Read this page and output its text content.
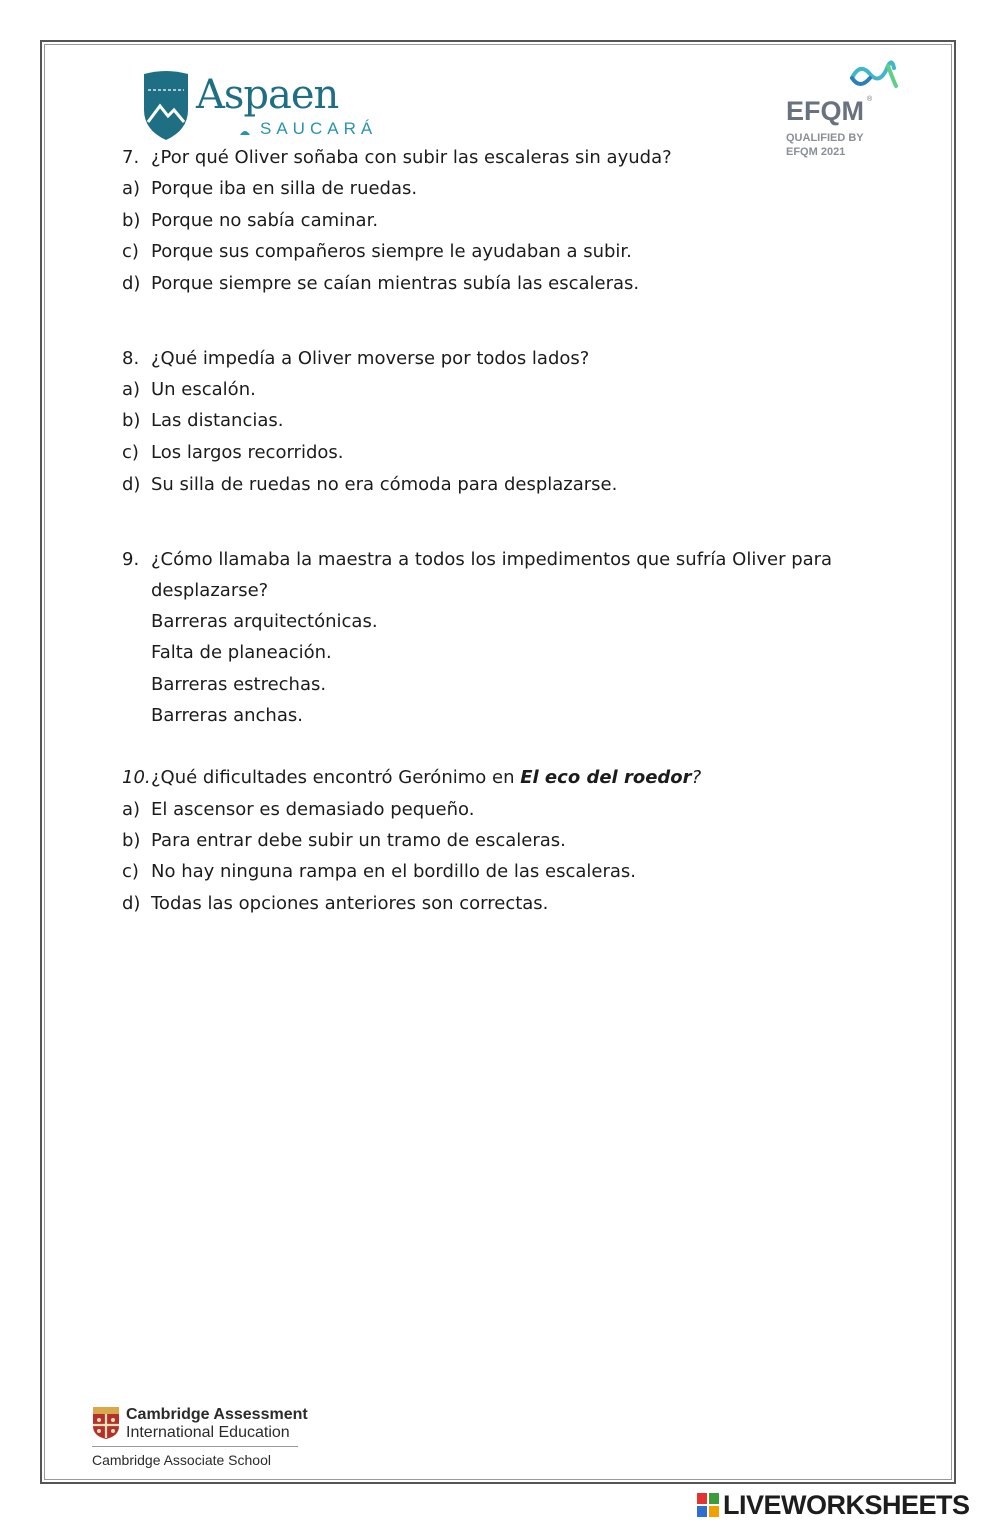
Aspaen
SAUCARÁ
EFQM ®
QUALIFIED BY
EFQM 2021
7. ¿Por qué Oliver soñaba con subir las escaleras sin ayuda?
a) Porque iba en silla de ruedas.
b) Porque no sabía caminar.
c) Porque sus compañeros siempre le ayudaban a subir.
d) Porque siempre se caían mientras subía las escaleras.
8. ¿Qué impedía a Oliver moverse por todos lados?
a) Un escalón.
b) Las distancias.
c) Los largos recorridos.
d) Su silla de ruedas no era cómoda para desplazarse.
9. ¿Cómo llamaba la maestra a todos los impedimentos que sufría Oliver para
desplazarse?
Barreras arquitectónicas.
Falta de planeación.
Barreras estrechas.
Barreras anchas.
10. ¿Qué dificultades encontró Gerónimo en El eco del roedor?
a) El ascensor es demasiado pequeño.
b) Para entrar debe subir un tramo de escaleras.
c) No hay ninguna rampa en el bordillo de las escaleras.
d) Todas las opciones anteriores son correctas.
Cambridge Assessment
International Education
Cambridge Associate School
LIVEWORKSHEETS
